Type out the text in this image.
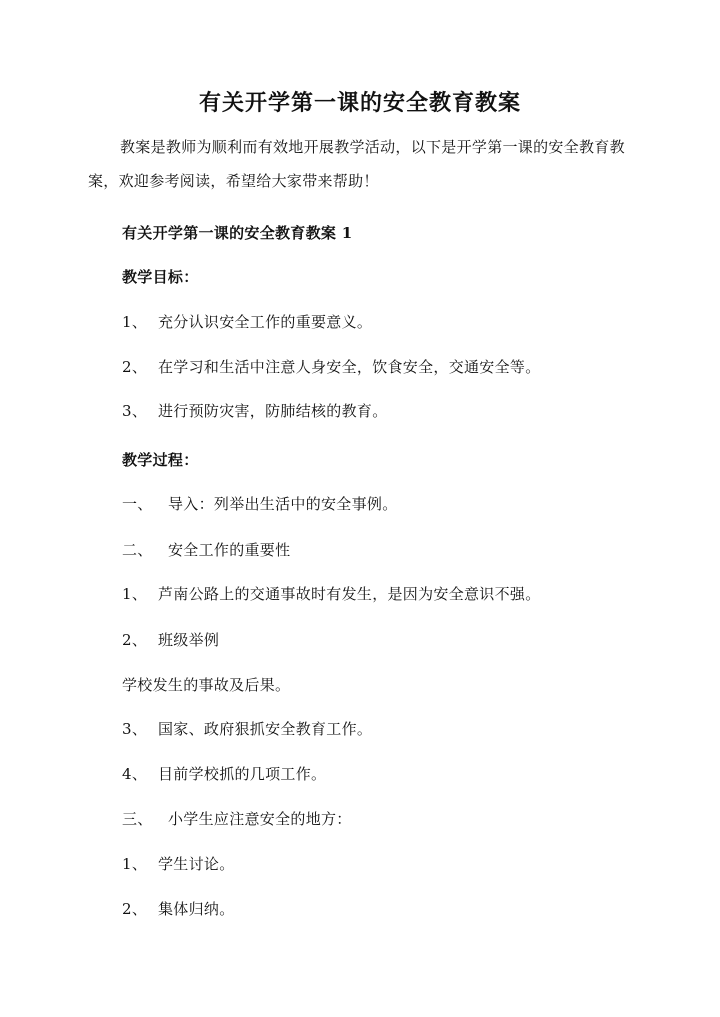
有关开学第一课的安全教育教案
教案是教师为顺利而有效地开展教学活动，以下是开学第一课的安全教育教案，欢迎参考阅读，希望给大家带来帮助！
有关开学第一课的安全教育教案 1
教学目标：
1、 充分认识安全工作的重要意义。
2、 在学习和生活中注意人身安全，饮食安全，交通安全等。
3、 进行预防灾害，防肺结核的教育。
教学过程：
一、 导入：列举出生活中的安全事例。
二、 安全工作的重要性
1、 芦南公路上的交通事故时有发生，是因为安全意识不强。
2、 班级举例
学校发生的事故及后果。
3、 国家、政府狠抓安全教育工作。
4、 目前学校抓的几项工作。
三、 小学生应注意安全的地方：
1、 学生讨论。
2、 集体归纳。
